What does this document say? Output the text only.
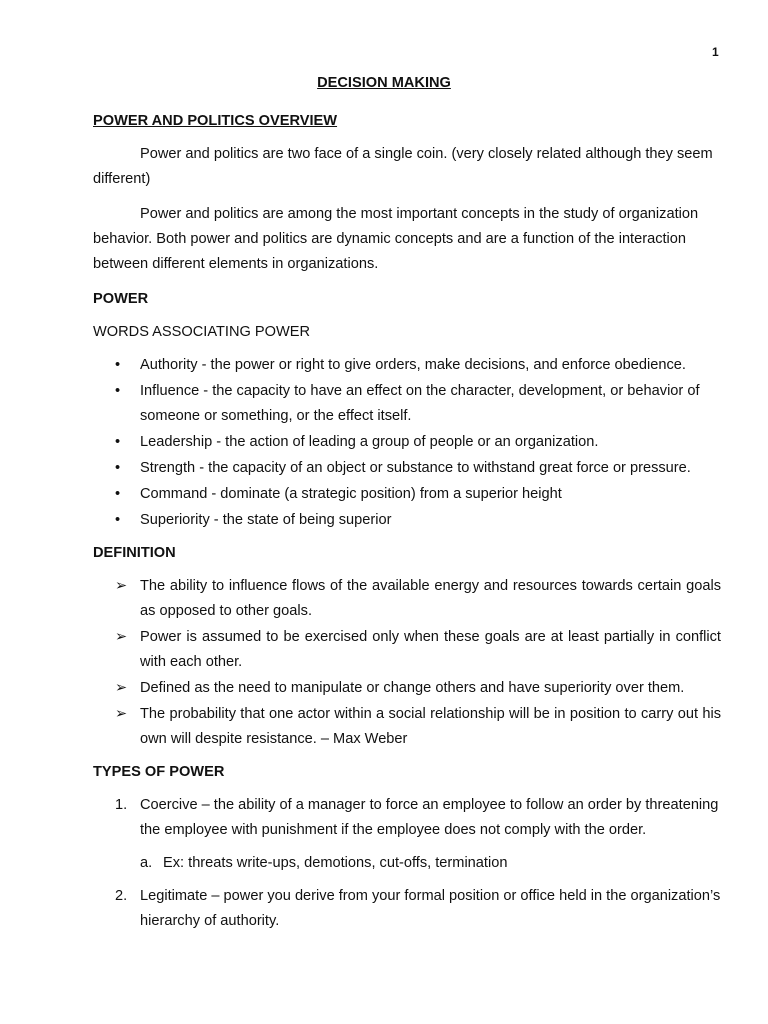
1
DECISION MAKING
POWER AND POLITICS OVERVIEW

Power and politics are two face of a single coin. (very closely related although they seem different)

Power and politics are among the most important concepts in the study of organization behavior. Both power and politics are dynamic concepts and are a function of the interaction between different elements in organizations.

POWER
WORDS ASSOCIATING POWER
• Authority - the power or right to give orders, make decisions, and enforce obedience.
• Influence - the capacity to have an effect on the character, development, or behavior of someone or something, or the effect itself.
• Leadership - the action of leading a group of people or an organization.
• Strength - the capacity of an object or substance to withstand great force or pressure.
• Command - dominate (a strategic position) from a superior height
• Superiority - the state of being superior
DEFINITION
➢ The ability to influence flows of the available energy and resources towards certain goals as opposed to other goals.
➢ Power is assumed to be exercised only when these goals are at least partially in conflict with each other.
➢ Defined as the need to manipulate or change others and have superiority over them.
➢ The probability that one actor within a social relationship will be in position to carry out his own will despite resistance. – Max Weber
TYPES OF POWER
1. Coercive – the ability of a manager to force an employee to follow an order by threatening the employee with punishment if the employee does not comply with the order.
a. Ex: threats write-ups, demotions, cut-offs, termination
2. Legitimate – power you derive from your formal position or office held in the organization’s hierarchy of authority.
